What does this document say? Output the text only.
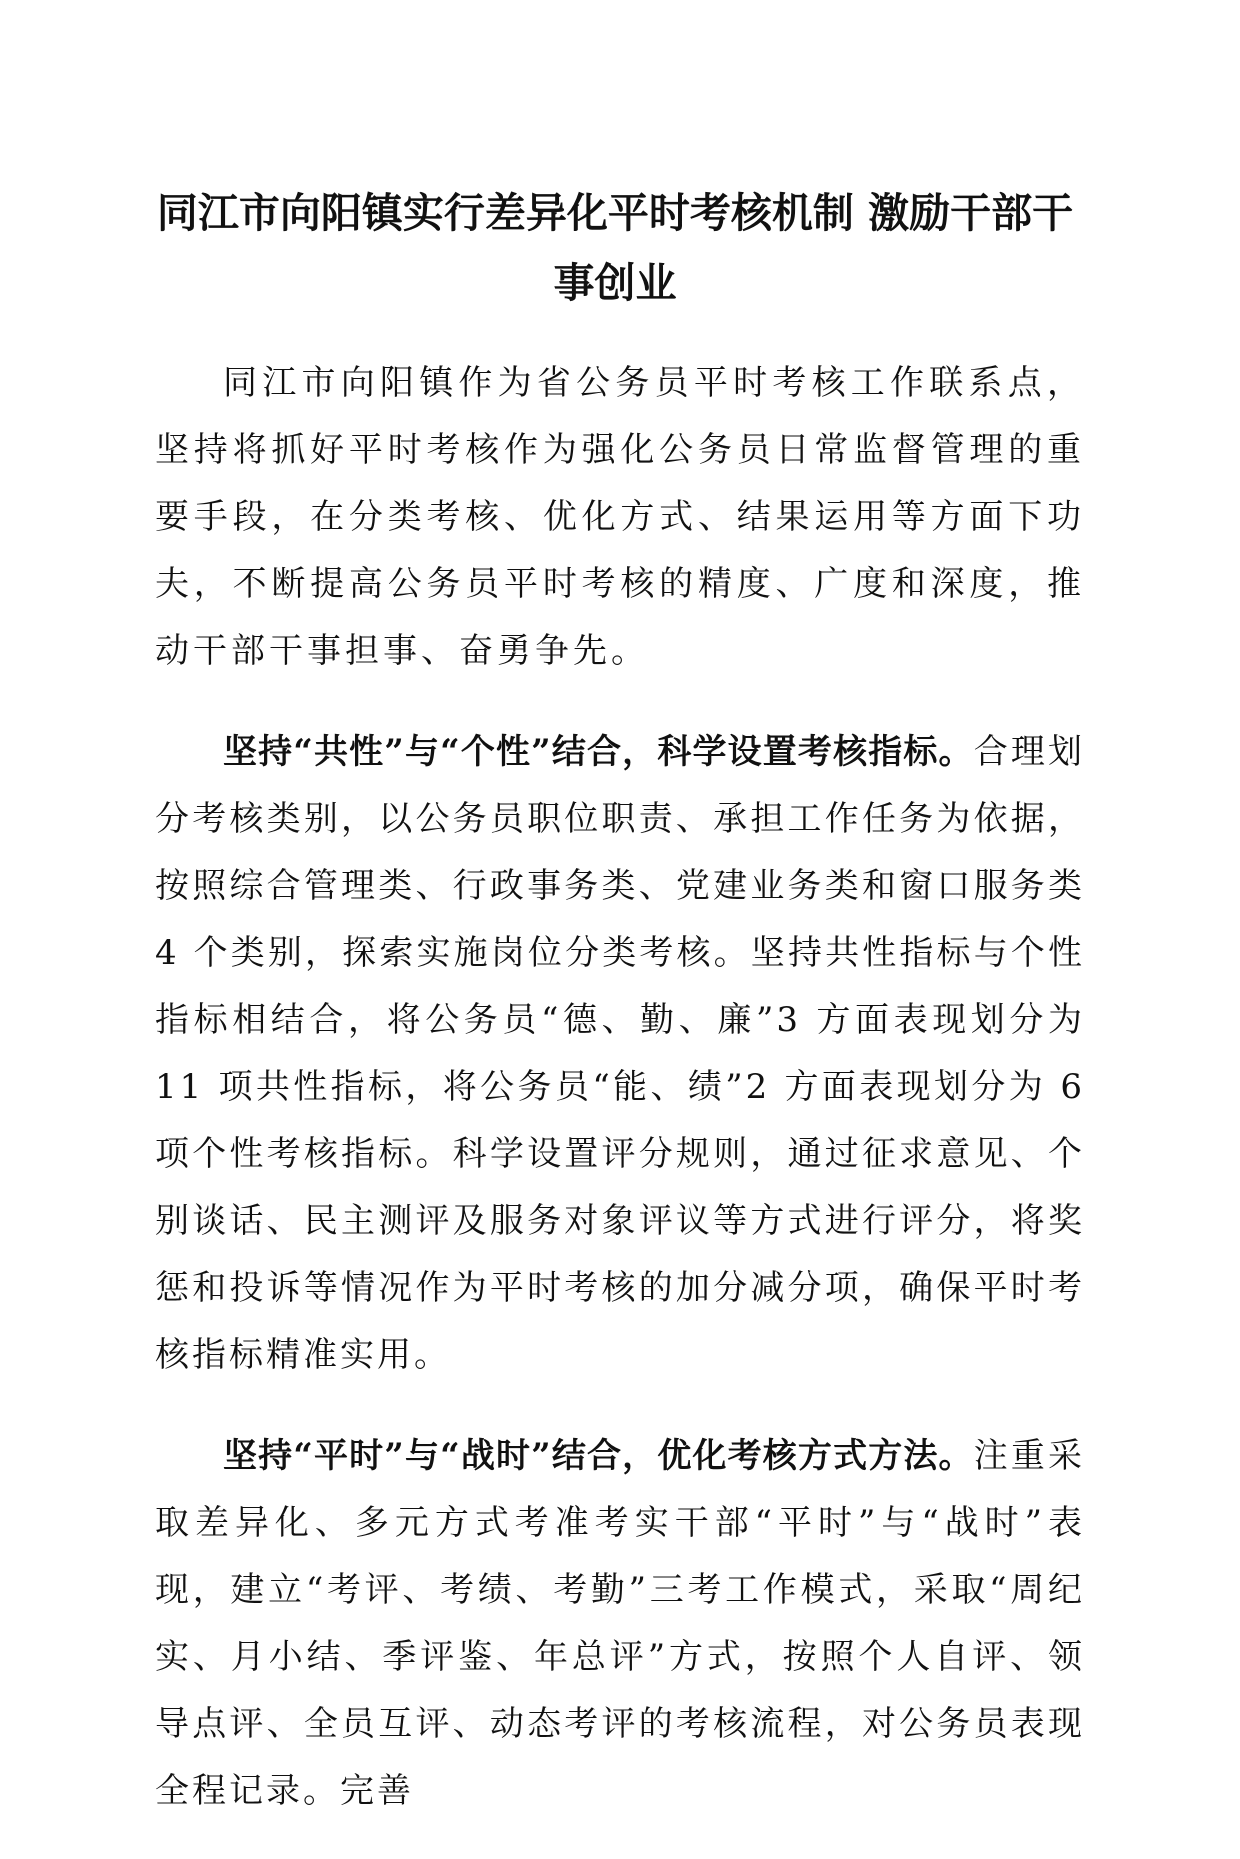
同江市向阳镇实行差异化平时考核机制 激励干部干事创业

同江市向阳镇作为省公务员平时考核工作联系点，坚持将抓好平时考核作为强化公务员日常监督管理的重要手段，在分类考核、优化方式、结果运用等方面下功夫，不断提高公务员平时考核的精度、广度和深度，推动干部干事担事、奋勇争先。

坚持“共性”与“个性”结合，科学设置考核指标。合理划分考核类别，以公务员职位职责、承担工作任务为依据，按照综合管理类、行政事务类、党建业务类和窗口服务类 4 个类别，探索实施岗位分类考核。坚持共性指标与个性指标相结合，将公务员“德、勤、廉”3 方面表现划分为 11 项共性指标，将公务员“能、绩”2 方面表现划分为 6 项个性考核指标。科学设置评分规则，通过征求意见、个别谈话、民主测评及服务对象评议等方式进行评分，将奖惩和投诉等情况作为平时考核的加分减分项，确保平时考核指标精准实用。

坚持“平时”与“战时”结合，优化考核方式方法。注重采取差异化、多元方式考准考实干部“平时”与“战时”表现，建立“考评、考绩、考勤”三考工作模式，采取“周纪实、月小结、季评鉴、年总评”方式，按照个人自评、领导点评、全员互评、动态考评的考核流程，对公务员表现全程记录。完善
